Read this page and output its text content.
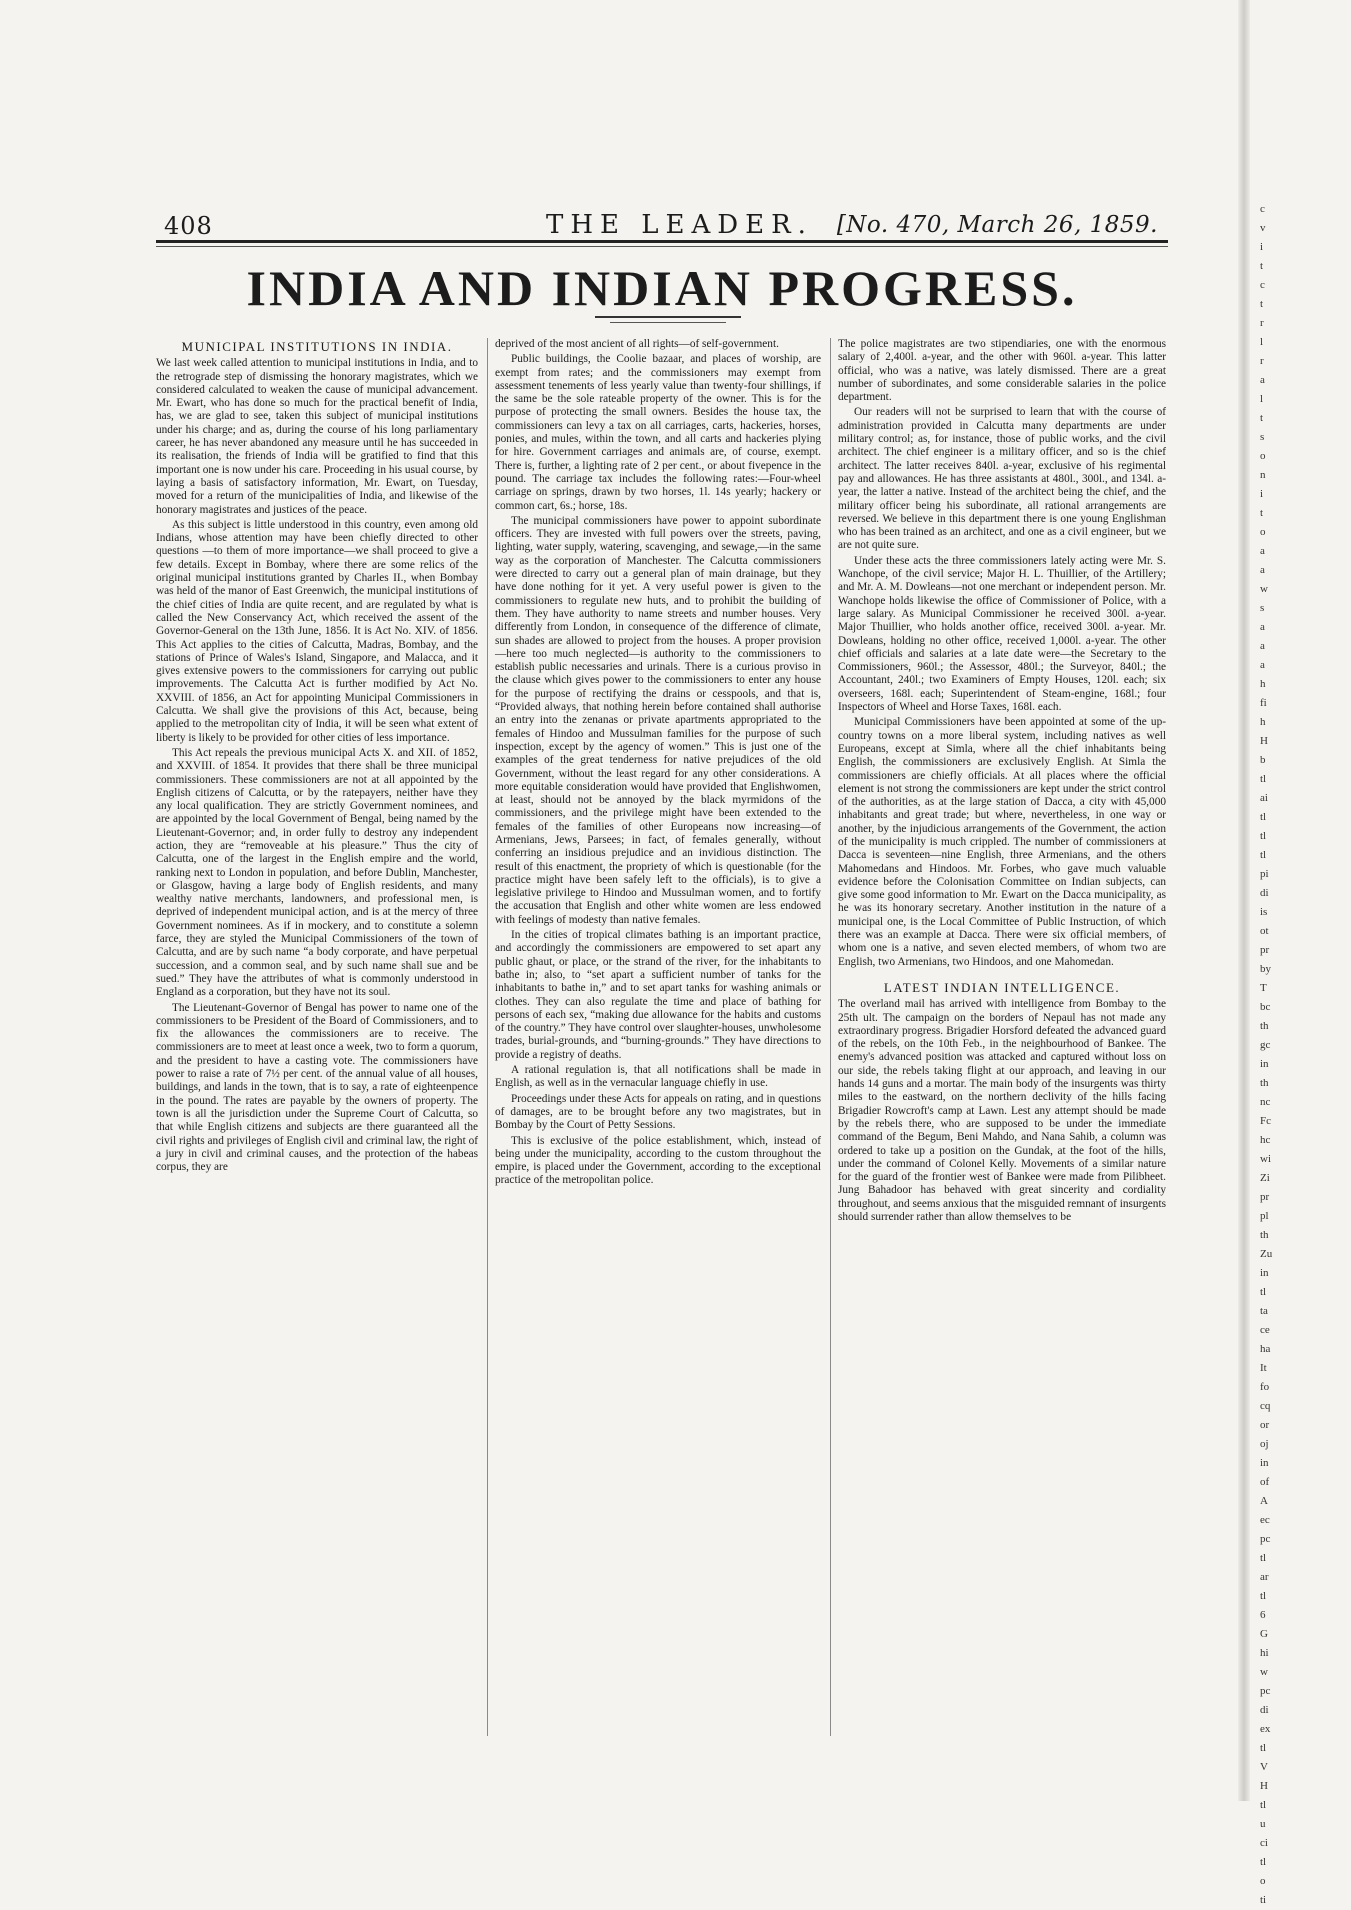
408	THE LEADER. [No. 470, March 26, 1859.
INDIA AND INDIAN PROGRESS.
MUNICIPAL INSTITUTIONS IN INDIA.

We last week called attention to municipal institutions in India, and to the retrograde step of dismissing the honorary magistrates, which we considered calculated to weaken the cause of municipal advancement. Mr. Ewart, who has done so much for the practical benefit of India, has, we are glad to see, taken this subject of municipal institutions under his charge; and as, during the course of his long parliamentary career, he has never abandoned any measure until he has succeeded in its realisation, the friends of India will be gratified to find that this important one is now under his care. Proceeding in his usual course, by laying a basis of satisfactory information, Mr. Ewart, on Tuesday, moved for a return of the municipalities of India, and likewise of the honorary magistrates and justices of the peace.

As this subject is little understood in this country, even among old Indians, whose attention may have been chiefly directed to other questions —to them of more importance—we shall proceed to give a few details. Except in Bombay, where there are some relics of the original municipal institutions granted by Charles II., when Bombay was held of the manor of East Greenwich, the municipal institutions of the chief cities of India are quite recent, and are regulated by what is called the New Conservancy Act, which received the assent of the Governor-General on the 13th June, 1856. It is Act No. XIV. of 1856. This Act applies to the cities of Calcutta, Madras, Bombay, and the stations of Prince of Wales's Island, Singapore, and Malacca, and it gives extensive powers to the commissioners for carrying out public improvements. The Calcutta Act is further modified by Act No. XXVIII. of 1856, an Act for appointing Municipal Commissioners in Calcutta. We shall give the provisions of this Act, because, being applied to the metropolitan city of India, it will be seen what extent of liberty is likely to be provided for other cities of less importance.

This Act repeals the previous municipal Acts X. and XII. of 1852, and XXVIII. of 1854. It provides that there shall be three municipal commissioners. These commissioners are not at all appointed by the English citizens of Calcutta, or by the ratepayers, neither have they any local qualification. They are strictly Government nominees, and are appointed by the local Government of Bengal, being named by the Lieutenant-Governor; and, in order fully to destroy any independent action, they are “removeable at his pleasure.” Thus the city of Calcutta, one of the largest in the English empire and the world, ranking next to London in population, and before Dublin, Manchester, or Glasgow, having a large body of English residents, and many wealthy native merchants, landowners, and professional men, is deprived of independent municipal action, and is at the mercy of three Government nominees. As if in mockery, and to constitute a solemn farce, they are styled the Municipal Commissioners of the town of Calcutta, and are by such name “a body corporate, and have perpetual succession, and a common seal, and by such name shall sue and be sued.” They have the attributes of what is commonly understood in England as a corporation, but they have not its soul.

The Lieutenant-Governor of Bengal has power to name one of the commissioners to be President of the Board of Commissioners, and to fix the allowances the commissioners are to receive. The commissioners are to meet at least once a week, two to form a quorum, and the president to have a casting vote. The commissioners have power to raise a rate of 7½ per cent. of the annual value of all houses, buildings, and lands in the town, that is to say, a rate of eighteenpence in the pound. The rates are payable by the owners of property. The town is all the jurisdiction under the Supreme Court of Calcutta, so that while English citizens and subjects are there guaranteed all the civil rights and privileges of English civil and criminal law, the right of a jury in civil and criminal causes, and the protection of the habeas corpus, they are

deprived of the most ancient of all rights—of self-government.

Public buildings, the Coolie bazaar, and places of worship, are exempt from rates; and the commissioners may exempt from assessment tenements of less yearly value than twenty-four shillings, if the same be the sole rateable property of the owner. This is for the purpose of protecting the small owners. Besides the house tax, the commissioners can levy a tax on all carriages, carts, hackeries, horses, ponies, and mules, within the town, and all carts and hackeries plying for hire. Government carriages and animals are, of course, exempt. There is, further, a lighting rate of 2 per cent., or about fivepence in the pound. The carriage tax includes the following rates:—Four-wheel carriage on springs, drawn by two horses, 1l. 14s yearly; hackery or common cart, 6s.; horse, 18s.

The municipal commissioners have power to appoint subordinate officers. They are invested with full powers over the streets, paving, lighting, water supply, watering, scavenging, and sewage,—in the same way as the corporation of Manchester. The Calcutta commissioners were directed to carry out a general plan of main drainage, but they have done nothing for it yet. A very useful power is given to the commissioners to regulate new huts, and to prohibit the building of them. They have authority to name streets and number houses. Very differently from London, in consequence of the difference of climate, sun shades are allowed to project from the houses. A proper provision—here too much neglected—is authority to the commissioners to establish public necessaries and urinals. There is a curious proviso in the clause which gives power to the commissioners to enter any house for the purpose of rectifying the drains or cesspools, and that is, “Provided always, that nothing herein before contained shall authorise an entry into the zenanas or private apartments appropriated to the females of Hindoo and Mussulman families for the purpose of such inspection, except by the agency of women.” This is just one of the examples of the great tenderness for native prejudices of the old Government, without the least regard for any other considerations. A more equitable consideration would have provided that Englishwomen, at least, should not be annoyed by the black myrmidons of the commissioners, and the privilege might have been extended to the females of the families of other Europeans now increasing—of Armenians, Jews, Parsees; in fact, of females generally, without conferring an insidious prejudice and an invidious distinction. The result of this enactment, the propriety of which is questionable (for the practice might have been safely left to the officials), is to give a legislative privilege to Hindoo and Mussulman women, and to fortify the accusation that English and other white women are less endowed with feelings of modesty than native females.

In the cities of tropical climates bathing is an important practice, and accordingly the commissioners are empowered to set apart any public ghaut, or place, or the strand of the river, for the inhabitants to bathe in; also, to “set apart a sufficient number of tanks for the inhabitants to bathe in,” and to set apart tanks for washing animals or clothes. They can also regulate the time and place of bathing for persons of each sex, “making due allowance for the habits and customs of the country.” They have control over slaughter-houses, unwholesome trades, burial-grounds, and “burning-grounds.” They have directions to provide a registry of deaths.

A rational regulation is, that all notifications shall be made in English, as well as in the vernacular language chiefly in use.

Proceedings under these Acts for appeals on rating, and in questions of damages, are to be brought before any two magistrates, but in Bombay by the Court of Petty Sessions.

This is exclusive of the police establishment, which, instead of being under the municipality, according to the custom throughout the empire, is placed under the Government, according to the exceptional practice of the metropolitan police.

The police magistrates are two stipendiaries, one with the enormous salary of 2,400l. a-year, and the other with 960l. a-year. This latter official, who was a native, was lately dismissed. There are a great number of subordinates, and some considerable salaries in the police department.

Our readers will not be surprised to learn that with the course of administration provided in Calcutta many departments are under military control; as, for instance, those of public works, and the civil architect. The chief engineer is a military officer, and so is the chief architect. The latter receives 840l. a-year, exclusive of his regimental pay and allowances. He has three assistants at 480l., 300l., and 134l. a-year, the latter a native. Instead of the architect being the chief, and the military officer being his subordinate, all rational arrangements are reversed. We believe in this department there is one young Englishman who has been trained as an architect, and one as a civil engineer, but we are not quite sure.

Under these acts the three commissioners lately acting were Mr. S. Wanchope, of the civil service; Major H. L. Thuillier, of the Artillery; and Mr. A. M. Dowleans—not one merchant or independent person. Mr. Wanchope holds likewise the office of Commissioner of Police, with a large salary. As Municipal Commissioner he received 300l. a-year. Major Thuillier, who holds another office, received 300l. a-year. Mr. Dowleans, holding no other office, received 1,000l. a-year. The other chief officials and salaries at a late date were—the Secretary to the Commissioners, 960l.; the Assessor, 480l.; the Surveyor, 840l.; the Accountant, 240l.; two Examiners of Empty Houses, 120l. each; six overseers, 168l. each; Superintendent of Steam-engine, 168l.; four Inspectors of Wheel and Horse Taxes, 168l. each.

Municipal Commissioners have been appointed at some of the up-country towns on a more liberal system, including natives as well Europeans, except at Simla, where all the chief inhabitants being English, the commissioners are exclusively English. At Simla the commissioners are chiefly officials. At all places where the official element is not strong the commissioners are kept under the strict control of the authorities, as at the large station of Dacca, a city with 45,000 inhabitants and great trade; but where, nevertheless, in one way or another, by the injudicious arrangements of the Government, the action of the municipality is much crippled. The number of commissioners at Dacca is seventeen—nine English, three Armenians, and the others Mahomedans and Hindoos. Mr. Forbes, who gave much valuable evidence before the Colonisation Committee on Indian subjects, can give some good information to Mr. Ewart on the Dacca municipality, as he was its honorary secretary. Another institution in the nature of a municipal one, is the Local Committee of Public Instruction, of which there was an example at Dacca. There were six official members, of whom one is a native, and seven elected members, of whom two are English, two Armenians, two Hindoos, and one Mahomedan.

LATEST INDIAN INTELLIGENCE.

The overland mail has arrived with intelligence from Bombay to the 25th ult. The campaign on the borders of Nepaul has not made any extraordinary progress. Brigadier Horsford defeated the advanced guard of the rebels, on the 10th Feb., in the neighbourhood of Bankee. The enemy's advanced position was attacked and captured without loss on our side, the rebels taking flight at our approach, and leaving in our hands 14 guns and a mortar. The main body of the insurgents was thirty miles to the eastward, on the northern declivity of the hills facing Brigadier Rowcroft's camp at Lawn. Lest any attempt should be made by the rebels there, who are supposed to be under the immediate command of the Begum, Beni Mahdo, and Nana Sahib, a column was ordered to take up a position on the Gundak, at the foot of the hills, under the command of Colonel Kelly. Movements of a similar nature for the guard of the frontier west of Bankee were made from Pilibheet. Jung Bahadoor has behaved with great sincerity and cordiality throughout, and seems anxious that the misguided remnant of insurgents should surrender rather than allow themselves to be

c
v
i
t
c
t
r
l
r
a
l
t
s
o
n
i
t
o
a
a
w
s
a
a
a
h
fi
h
H
b
tl
ai
tl
tl
tl
pi
di
is
ot
pr
by
T
bc
th
gc
in
th
nc
Fc
hc
wi
Zi
pr
pl
th
Zu
in
tl
ta
ce
ha
It
fo
cq
or
oj
in
of
A
ec
pc
tl
ar
tl
6
G
hi
w
pc
di
ex
tl
V
H
tl
u
ci
tl
o
ti
